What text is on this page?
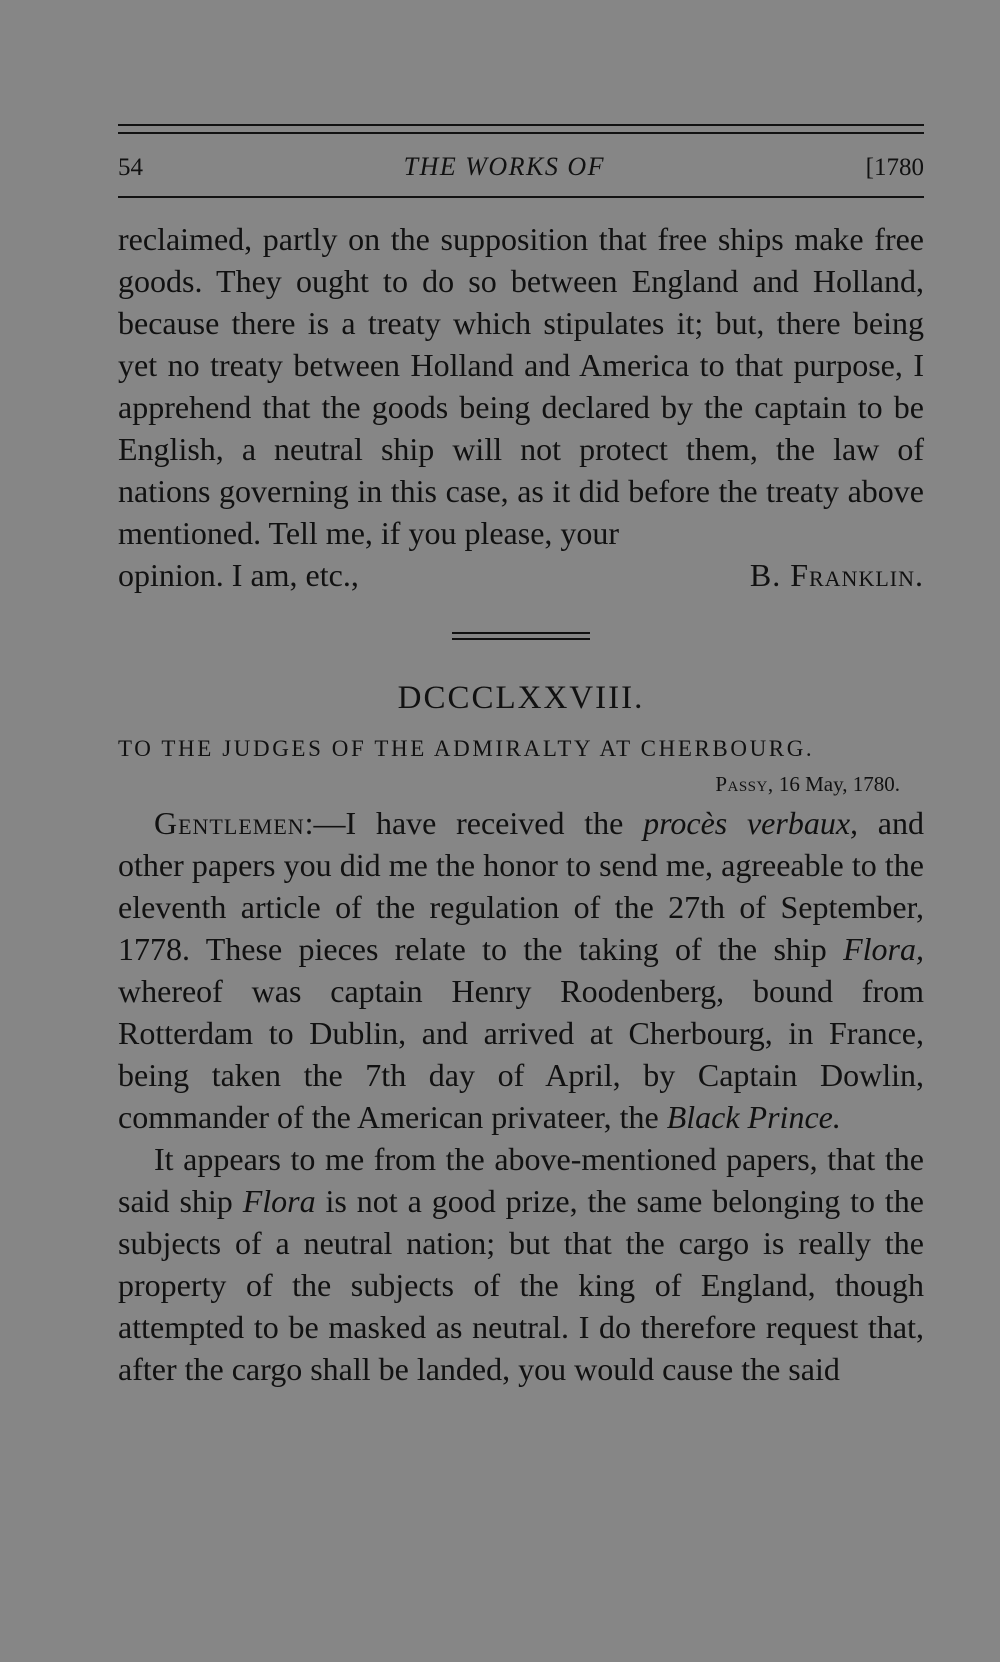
54	THE WORKS OF	[1780

reclaimed, partly on the supposition that free ships make free goods. They ought to do so between England and Holland, because there is a treaty which stipulates it; but, there being yet no treaty between Holland and America to that purpose, I apprehend that the goods being declared by the captain to be English, a neutral ship will not protect them, the law of nations governing in this case, as it did before the treaty above mentioned. Tell me, if you please, your

opinion. I am, etc.,	B. Franklin.
DCCCLXXVIII.
TO THE JUDGES OF THE ADMIRALTY AT CHERBOURG.
Passy, 16 May, 1780.

Gentlemen:—I have received the procès verbaux, and other papers you did me the honor to send me, agreeable to the eleventh article of the regulation of the 27th of September, 1778. These pieces relate to the taking of the ship Flora, whereof was captain Henry Roodenberg, bound from Rotterdam to Dublin, and arrived at Cherbourg, in France, being taken the 7th day of April, by Captain Dowlin, commander of the American privateer, the Black Prince.

It appears to me from the above-mentioned papers, that the said ship Flora is not a good prize, the same belonging to the subjects of a neutral nation; but that the cargo is really the property of the subjects of the king of England, though attempted to be masked as neutral. I do therefore request that, after the cargo shall be landed, you would cause the said
